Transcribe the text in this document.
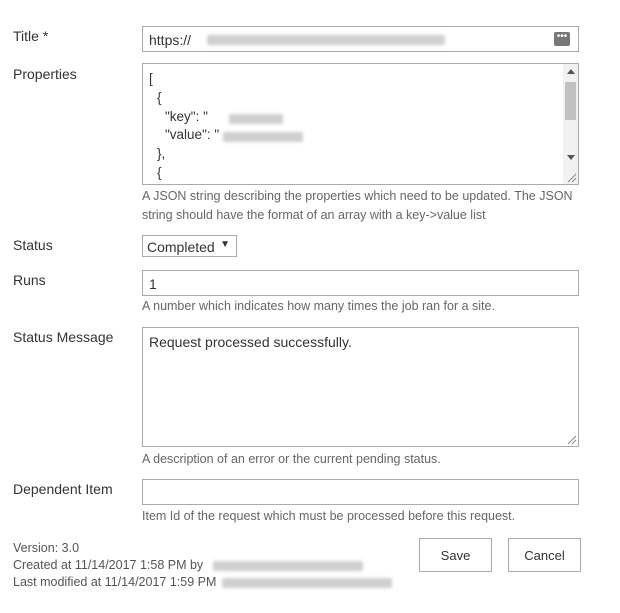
Title *	https://	•••
Properties	[
{
"key": "
"value": "
},
{
A JSON string describing the properties which need to be updated. The JSON
string should have the format of an array with a key->value list
Status	Completed ▼
Runs	1
A number which indicates how many times the job ran for a site.
Status Message	Request processed successfully.
A description of an error or the current pending status.
Dependent Item
Item Id of the request which must be processed before this request.
Version: 3.0
Created at 11/14/2017 1:58 PM by
Last modified at 11/14/2017 1:59 PM
Save	Cancel
